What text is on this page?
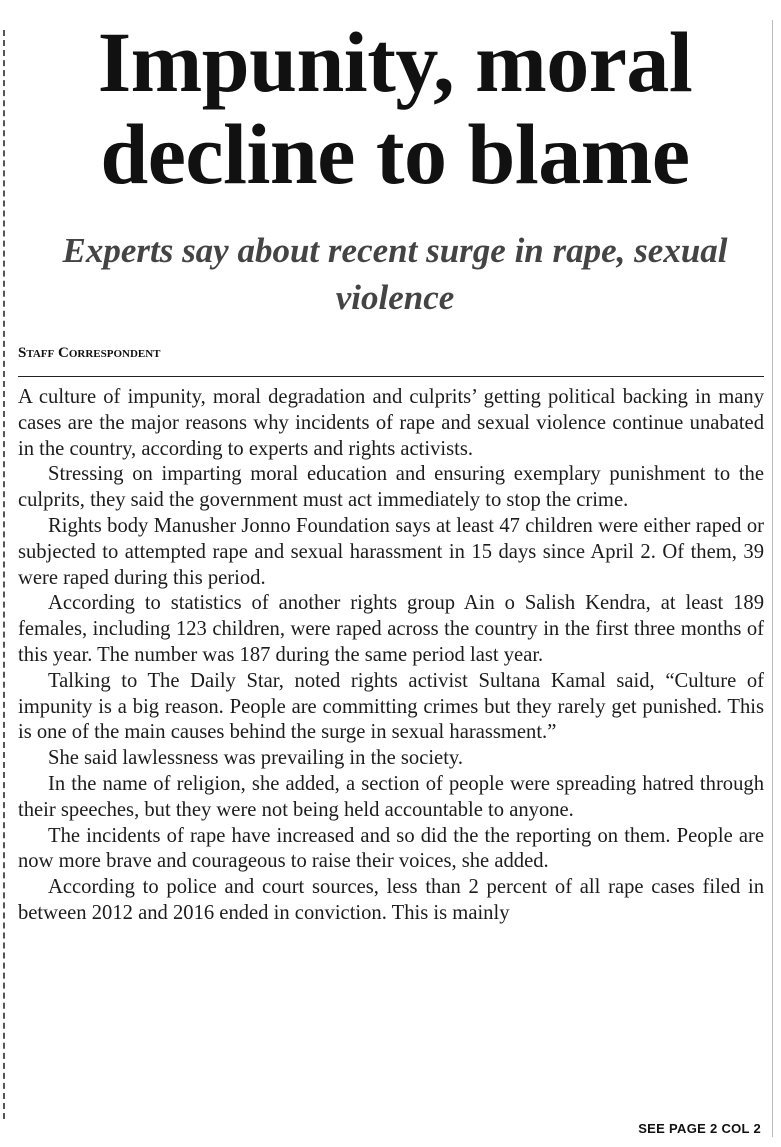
Impunity, moral decline to blame
Experts say about recent surge in rape, sexual violence
Staff Correspondent

A culture of impunity, moral degradation and culprits’ getting political backing in many cases are the major reasons why incidents of rape and sexual violence continue unabated in the country, according to experts and rights activists.

Stressing on imparting moral education and ensuring exemplary punishment to the culprits, they said the government must act immediately to stop the crime.

Rights body Manusher Jonno Foundation says at least 47 children were either raped or subjected to attempted rape and sexual harassment in 15 days since April 2. Of them, 39 were raped during this period.

According to statistics of another rights group Ain o Salish Kendra, at least 189 females, including 123 children, were raped across the country in the first three months of this year. The number was 187 during the same period last year.

Talking to The Daily Star, noted rights activist Sultana Kamal said, “Culture of impunity is a big reason. People are committing crimes but they rarely get punished. This is one of the main causes behind the surge in sexual harassment.”

She said lawlessness was prevailing in the society.

In the name of religion, she added, a section of people were spreading hatred through their speeches, but they were not being held accountable to anyone.

The incidents of rape have increased and so did the the reporting on them. People are now more brave and courageous to raise their voices, she added.

According to police and court sources, less than 2 percent of all rape cases filed in between 2012 and 2016 ended in conviction. This is mainly

SEE PAGE 2 COL 2
